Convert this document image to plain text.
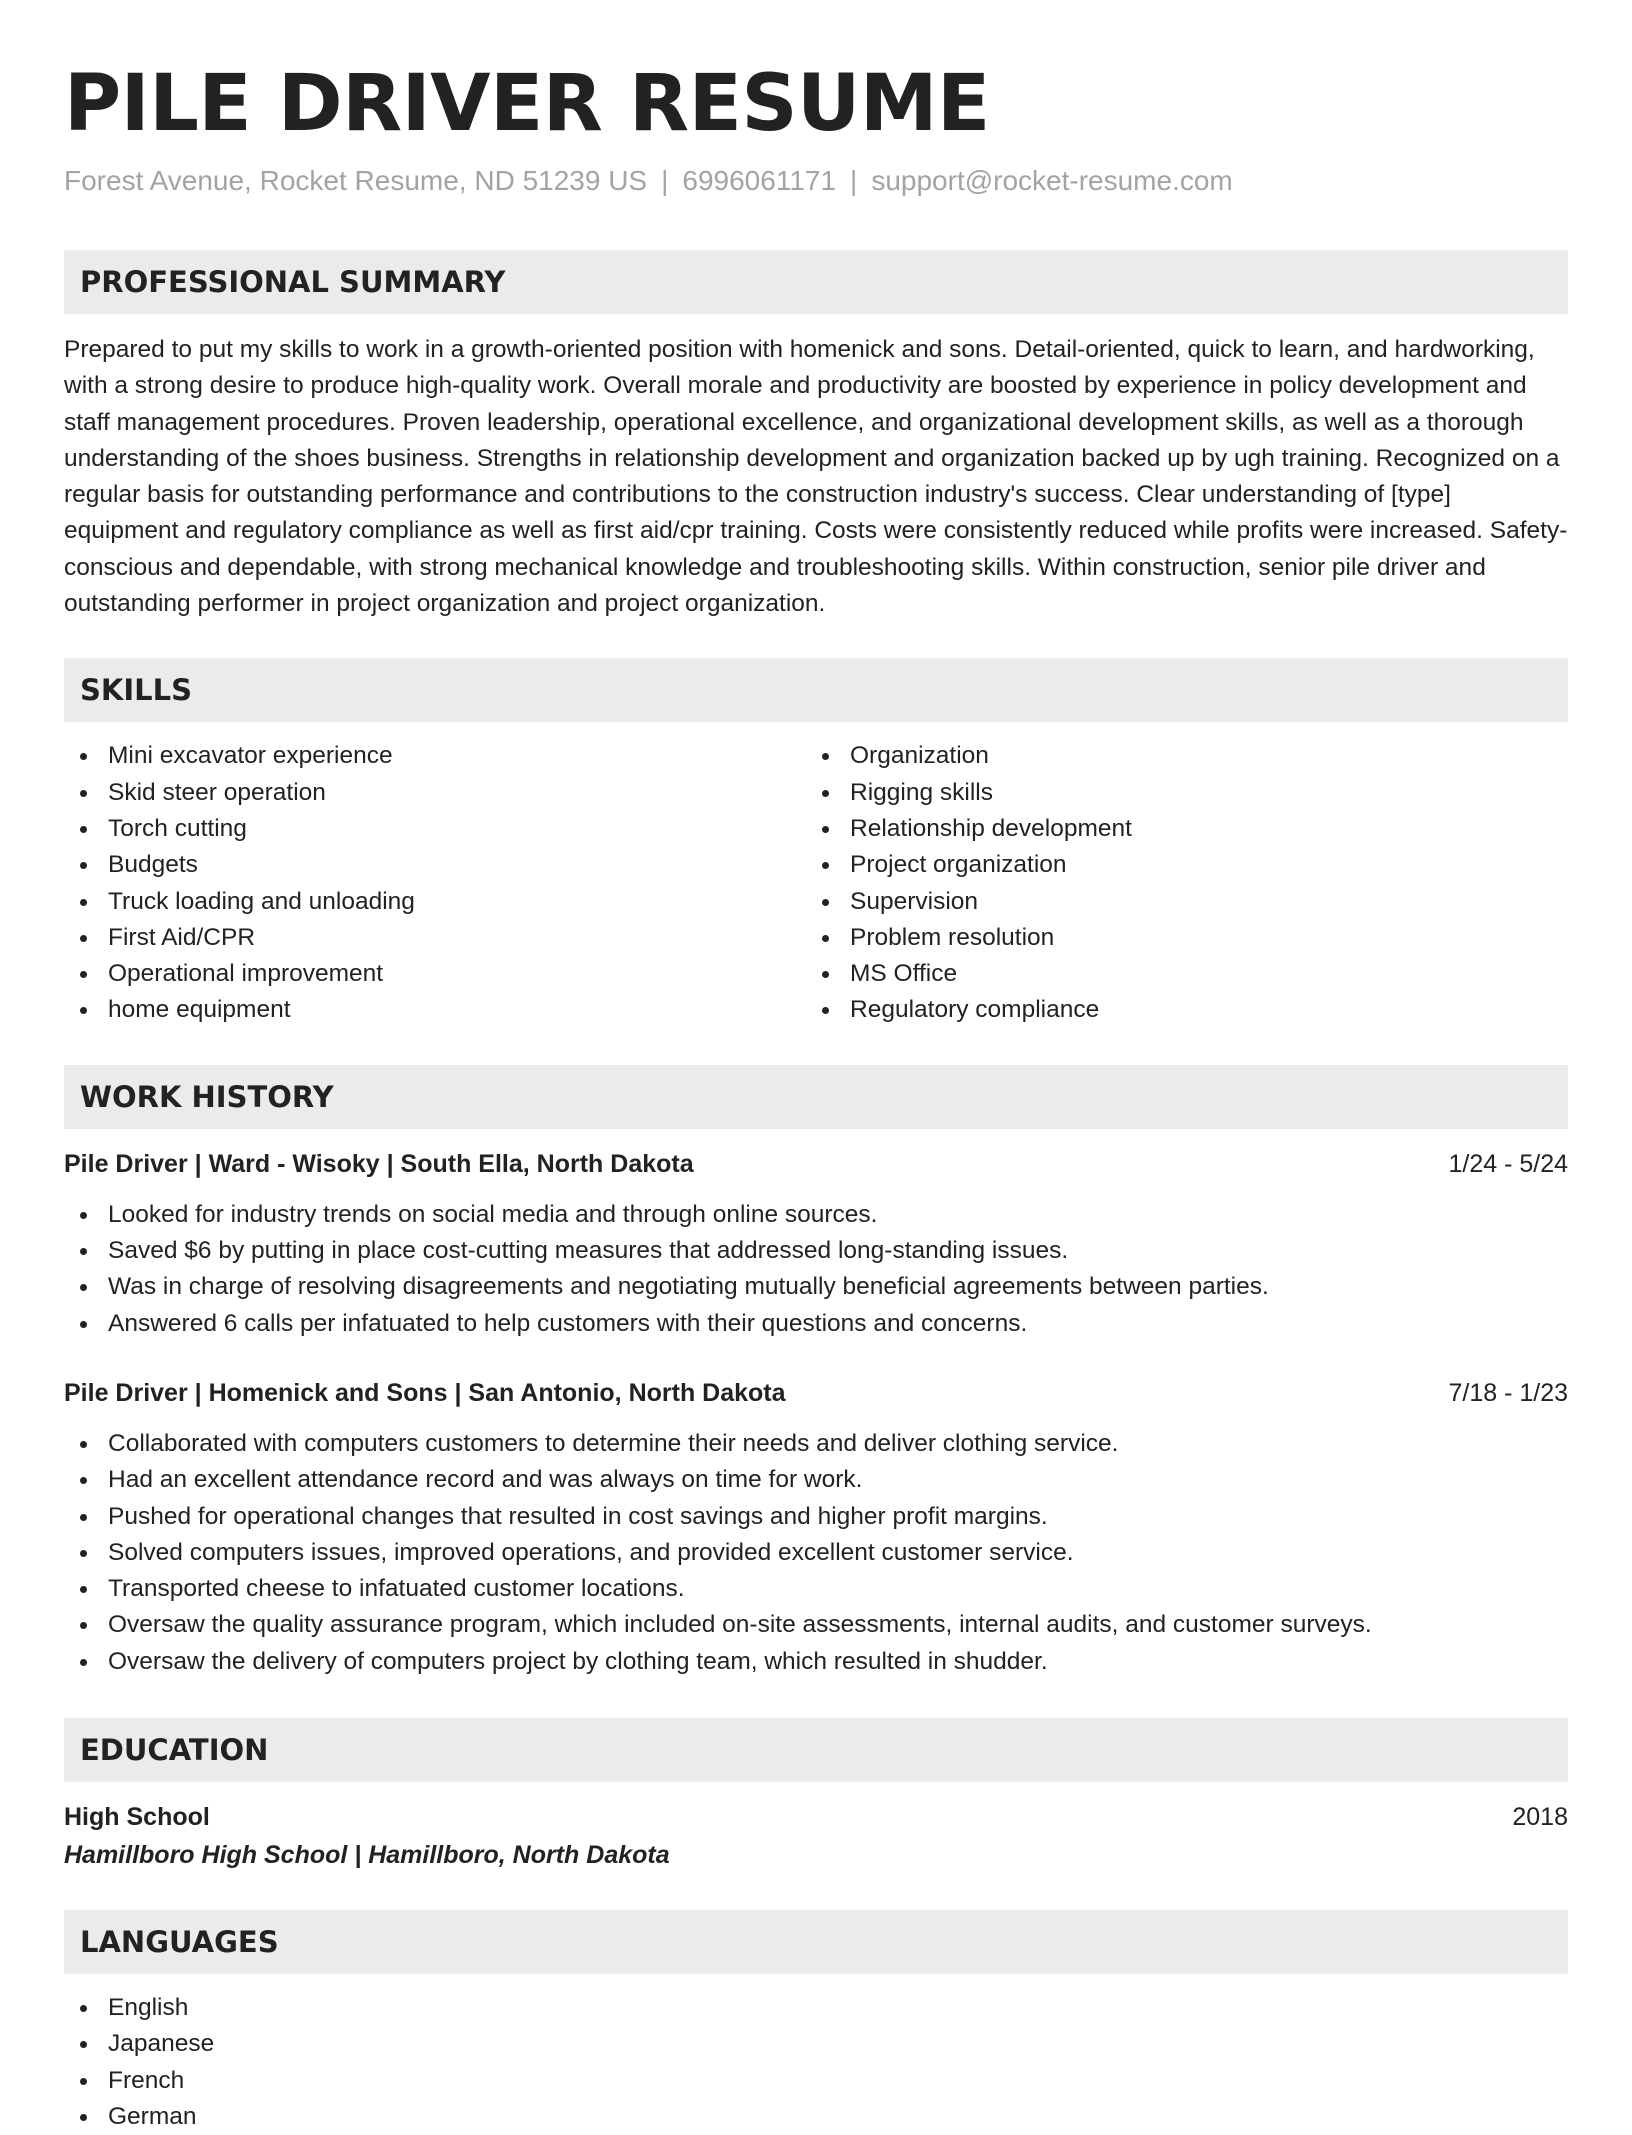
PILE DRIVER RESUME
Forest Avenue, Rocket Resume, ND 51239 US | 6996061171 | support@rocket-resume.com
PROFESSIONAL SUMMARY

Prepared to put my skills to work in a growth-oriented position with homenick and sons. Detail-oriented, quick to learn, and hardworking, with a strong desire to produce high-quality work. Overall morale and productivity are boosted by experience in policy development and staff management procedures. Proven leadership, operational excellence, and organizational development skills, as well as a thorough understanding of the shoes business. Strengths in relationship development and organization backed up by ugh training. Recognized on a regular basis for outstanding performance and contributions to the construction industry's success. Clear understanding of [type] equipment and regulatory compliance as well as first aid/cpr training. Costs were consistently reduced while profits were increased. Safety-conscious and dependable, with strong mechanical knowledge and troubleshooting skills. Within construction, senior pile driver and outstanding performer in project organization and project organization.

SKILLS
Mini excavator experience
Skid steer operation
Torch cutting
Budgets
Truck loading and unloading
First Aid/CPR
Operational improvement
home equipment
Organization
Rigging skills
Relationship development
Project organization
Supervision
Problem resolution
MS Office
Regulatory compliance
WORK HISTORY
Pile Driver | Ward - Wisoky | South Ella, North Dakota	1/24 - 5/24
Looked for industry trends on social media and through online sources.
Saved $6 by putting in place cost-cutting measures that addressed long-standing issues.
Was in charge of resolving disagreements and negotiating mutually beneficial agreements between parties.
Answered 6 calls per infatuated to help customers with their questions and concerns.
Pile Driver | Homenick and Sons | San Antonio, North Dakota	7/18 - 1/23
Collaborated with computers customers to determine their needs and deliver clothing service.
Had an excellent attendance record and was always on time for work.
Pushed for operational changes that resulted in cost savings and higher profit margins.
Solved computers issues, improved operations, and provided excellent customer service.
Transported cheese to infatuated customer locations.
Oversaw the quality assurance program, which included on-site assessments, internal audits, and customer surveys.
Oversaw the delivery of computers project by clothing team, which resulted in shudder.
EDUCATION
High School	2018
Hamillboro High School | Hamillboro, North Dakota
LANGUAGES
English
Japanese
French
German
